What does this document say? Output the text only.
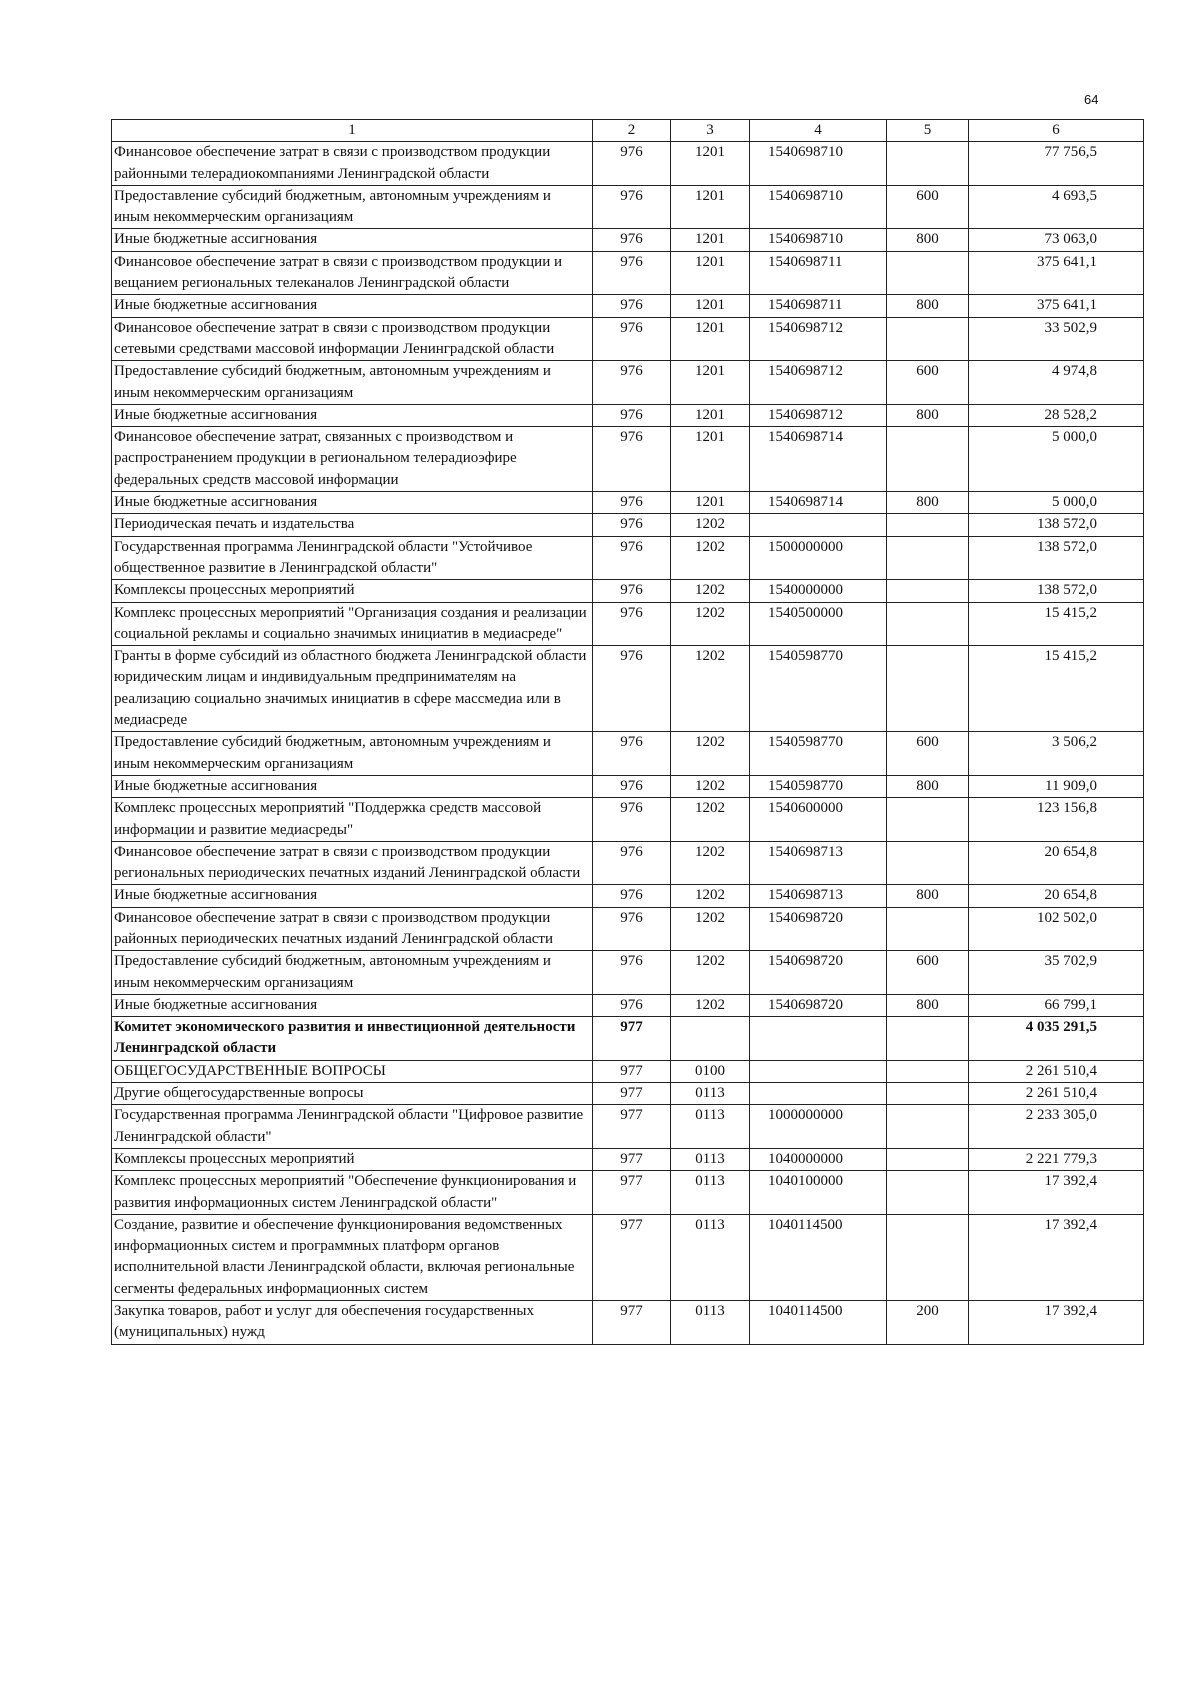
64
1	2	3	4	5	6
Финансовое обеспечение затрат в связи с производством продукции районными телерадиокомпаниями Ленинградской области	976	1201	1540698710		77 756,5
Предоставление субсидий бюджетным, автономным учреждениям и иным некоммерческим организациям	976	1201	1540698710	600	4 693,5
Иные бюджетные ассигнования	976	1201	1540698710	800	73 063,0
Финансовое обеспечение затрат в связи с производством продукции и вещанием региональных телеканалов Ленинградской области	976	1201	1540698711		375 641,1
Иные бюджетные ассигнования	976	1201	1540698711	800	375 641,1
Финансовое обеспечение затрат в связи с производством продукции сетевыми средствами массовой информации Ленинградской области	976	1201	1540698712		33 502,9
Предоставление субсидий бюджетным, автономным учреждениям и иным некоммерческим организациям	976	1201	1540698712	600	4 974,8
Иные бюджетные ассигнования	976	1201	1540698712	800	28 528,2
Финансовое обеспечение затрат, связанных с производством и распространением продукции в региональном телерадиоэфире федеральных средств массовой информации	976	1201	1540698714		5 000,0
Иные бюджетные ассигнования	976	1201	1540698714	800	5 000,0
Периодическая печать и издательства	976	1202			138 572,0
Государственная программа Ленинградской области "Устойчивое общественное развитие в Ленинградской области"	976	1202	1500000000		138 572,0
Комплексы процессных мероприятий	976	1202	1540000000		138 572,0
Комплекс процессных мероприятий "Организация создания и реализации социальной рекламы и социально значимых инициатив в медиасреде"	976	1202	1540500000		15 415,2
Гранты в форме субсидий из областного бюджета Ленинградской области юридическим лицам и индивидуальным предпринимателям на реализацию социально значимых инициатив в сфере массмедиа или в медиасреде	976	1202	1540598770		15 415,2
Предоставление субсидий бюджетным, автономным учреждениям и иным некоммерческим организациям	976	1202	1540598770	600	3 506,2
Иные бюджетные ассигнования	976	1202	1540598770	800	11 909,0
Комплекс процессных мероприятий "Поддержка средств массовой информации и развитие медиасреды"	976	1202	1540600000		123 156,8
Финансовое обеспечение затрат в связи с производством продукции региональных периодических печатных изданий Ленинградской области	976	1202	1540698713		20 654,8
Иные бюджетные ассигнования	976	1202	1540698713	800	20 654,8
Финансовое обеспечение затрат в связи с производством продукции районных периодических печатных изданий Ленинградской области	976	1202	1540698720		102 502,0
Предоставление субсидий бюджетным, автономным учреждениям и иным некоммерческим организациям	976	1202	1540698720	600	35 702,9
Иные бюджетные ассигнования	976	1202	1540698720	800	66 799,1
Комитет экономического развития и инвестиционной деятельности Ленинградской области	977				4 035 291,5
ОБЩЕГОСУДАРСТВЕННЫЕ ВОПРОСЫ	977	0100			2 261 510,4
Другие общегосударственные вопросы	977	0113			2 261 510,4
Государственная программа Ленинградской области "Цифровое развитие Ленинградской области"	977	0113	1000000000		2 233 305,0
Комплексы процессных мероприятий	977	0113	1040000000		2 221 779,3
Комплекс процессных мероприятий "Обеспечение функционирования и развития информационных систем Ленинградской области"	977	0113	1040100000		17 392,4
Создание, развитие и обеспечение функционирования ведомственных информационных систем и программных платформ органов исполнительной власти Ленинградской области, включая региональные сегменты федеральных информационных систем	977	0113	1040114500		17 392,4
Закупка товаров, работ и услуг для обеспечения государственных (муниципальных) нужд	977	0113	1040114500	200	17 392,4
